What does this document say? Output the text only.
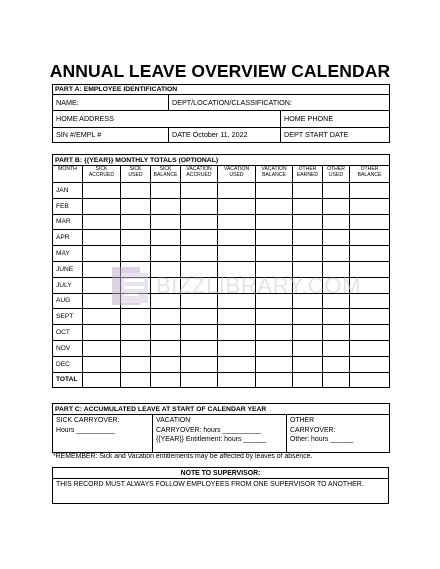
ANNUAL LEAVE OVERVIEW CALENDAR
PART A: EMPLOYEE IDENTIFICATION		
NAME:	DEPT/LOCATION/CLASSIFICATION:	
HOME ADDRESS		HOME PHONE
SIN #/EMPL #	DATE October 11, 2022	DEPT START DATE
PART B: {{YEAR}} MONTHLY TOTALS (OPTIONAL)									
MONTH	SICK ACCRUED	SICK USED	SICK BALANCE	VACATION ACCRUED	VACATION USED	VACATION BALANCE	OTHER EARNED	OTHER USED	OTHER BALANCE
JAN									
FEB									
MAR									
APR									
MAY									
JUNE									
JULY									
AUG									
SEPT									
OCT									
NOV									
DEC									
TOTAL									
BIZZLIBRARY.COM
PART C: ACCUMULATED LEAVE AT START OF CALENDAR YEAR

SICK CARRYOVER:
Hours __________

VACATION
CARRYOVER: hours __________
{{YEAR}} Entitlement: hours ______

OTHER
CARRYOVER:
Other: hours ______
*REMEMBER: Sick and Vacation entitlements may be affected by leaves of absence.
NOTE TO SUPERVISOR:
THIS RECORD MUST ALWAYS FOLLOW EMPLOYEES FROM ONE SUPERVISOR TO ANOTHER.
